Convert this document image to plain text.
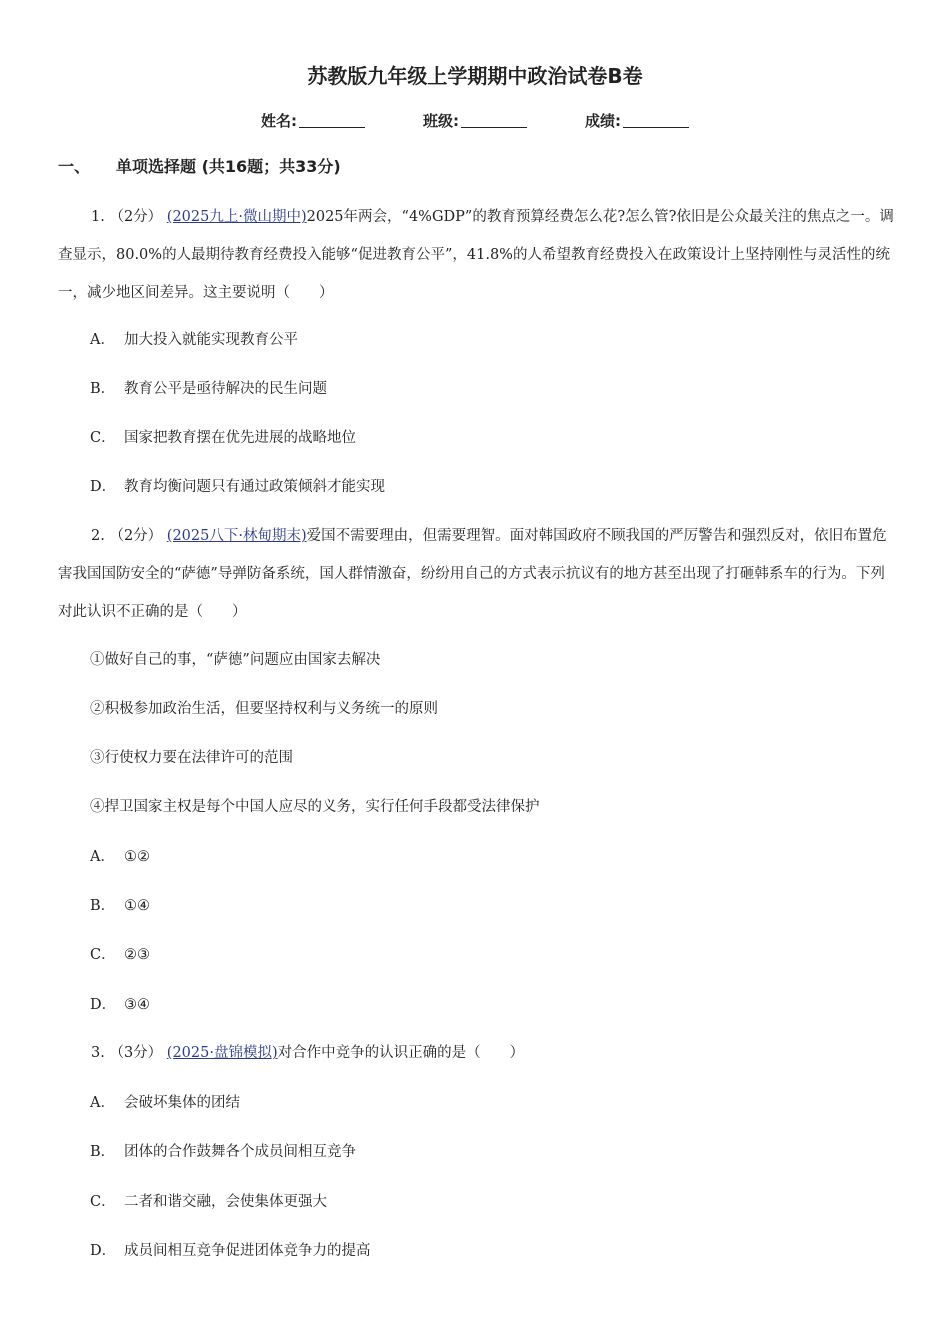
苏教版九年级上学期期中政治试卷B卷
姓名:	班级:	成绩:
一、 单项选择题 (共16题；共33分)
1. （2分） (2025九上·微山期中)2025年两会，“4%GDP”的教育预算经费怎么花?怎么管?依旧是公众最关注的焦点之一。调查显示，80.0%的人最期待教育经费投入能够“促进教育公平”，41.8%的人希望教育经费投入在政策设计上坚持刚性与灵活性的统一，减少地区间差异。这主要说明（　　）
A． 加大投入就能实现教育公平
B． 教育公平是亟待解决的民生问题
C． 国家把教育摆在优先进展的战略地位
D． 教育均衡问题只有通过政策倾斜才能实现
2. （2分） (2025八下·林甸期末)爱国不需要理由，但需要理智。面对韩国政府不顾我国的严厉警告和强烈反对，依旧布置危害我国国防安全的“萨德”导弹防备系统，国人群情激奋，纷纷用自己的方式表示抗议有的地方甚至出现了打砸韩系车的行为。下列对此认识不正确的是（　　）
①做好自己的事，“萨德”问题应由国家去解决
②积极参加政治生活，但要坚持权利与义务统一的原则
③行使权力要在法律许可的范围
④捍卫国家主权是每个中国人应尽的义务，实行任何手段都受法律保护
A． ①②
B． ①④
C． ②③
D． ③④
3. （3分） (2025·盘锦模拟)对合作中竞争的认识正确的是（　　）
A． 会破坏集体的团结
B． 团体的合作鼓舞各个成员间相互竞争
C． 二者和谐交融，会使集体更强大
D． 成员间相互竞争促进团体竞争力的提高
